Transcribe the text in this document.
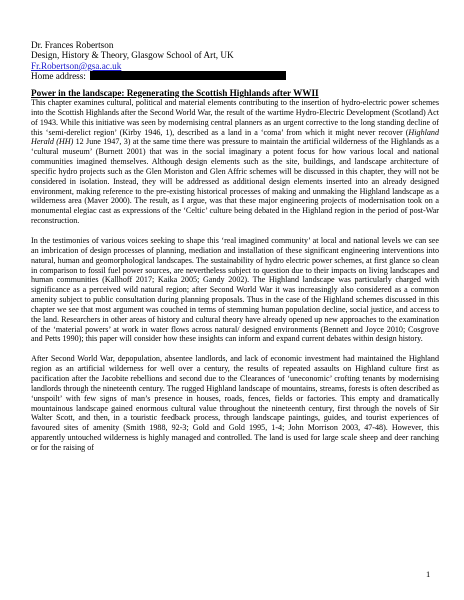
Dr. Frances Robertson
Design, History & Theory, Glasgow School of Art, UK
Fr.Robertson@gsa.ac.uk
Home address:
Power in the landscape: Regenerating the Scottish Highlands after WWII
This chapter examines cultural, political and material elements contributing to the insertion of hydro-electric power schemes into the Scottish Highlands after the Second World War, the result of the wartime Hydro-Electric Development (Scotland) Act of 1943. While this initiative was seen by modernising central planners as an urgent corrective to the long standing decline of this ‘semi-derelict region’ (Kirby 1946, 1), described as a land in a ‘coma’ from which it might never recover (Highland Herald (HH) 12 June 1947, 3) at the same time there was pressure to maintain the artificial wilderness of the Highlands as a ‘cultural museum’ (Burnett 2001) that was in the social imaginary a potent focus for how various local and national communities imagined themselves. Although design elements such as the site, buildings, and landscape architecture of specific hydro projects such as the Glen Moriston and Glen Affric schemes will be discussed in this chapter, they will not be considered in isolation. Instead, they will be addressed as additional design elements inserted into an already designed environment, making reference to the pre-existing historical processes of making and unmaking the Highland landscape as a wilderness area (Maver 2000). The result, as I argue, was that these major engineering projects of modernisation took on a monumental elegiac cast as expressions of the ‘Celtic’ culture being debated in the Highland region in the period of post-War reconstruction.
In the testimonies of various voices seeking to shape this ‘real imagined community’ at local and national levels we can see an imbrication of design processes of planning, mediation and installation of these significant engineering interventions into natural, human and geomorphological landscapes. The sustainability of hydro electric power schemes, at first glance so clean in comparison to fossil fuel power sources, are nevertheless subject to question due to their impacts on living landscapes and human communities (Kallhoff 2017; Kaika 2005; Gandy 2002). The Highland landscape was particularly charged with significance as a perceived wild natural region; after Second World War it was increasingly also considered as a common amenity subject to public consultation during planning proposals. Thus in the case of the Highland schemes discussed in this chapter we see that most argument was couched in terms of stemming human population decline, social justice, and access to the land. Researchers in other areas of history and cultural theory have already opened up new approaches to the examination of the ‘material powers’ at work in water flows across natural/ designed environments (Bennett and Joyce 2010; Cosgrove and Petts 1990); this paper will consider how these insights can inform and expand current debates within design history.
After Second World War, depopulation, absentee landlords, and lack of economic investment had maintained the Highland region as an artificial wilderness for well over a century, the results of repeated assaults on Highland culture first as pacification after the Jacobite rebellions and second due to the Clearances of ‘uneconomic’ crofting tenants by modernising landlords through the nineteenth century. The rugged Highland landscape of mountains, streams, forests is often described as ‘unspoilt’ with few signs of man’s presence in houses, roads, fences, fields or factories. This empty and dramatically mountainous landscape gained enormous cultural value throughout the nineteenth century, first through the novels of Sir Walter Scott, and then, in a touristic feedback process, through landscape paintings, guides, and tourist experiences of favoured sites of amenity (Smith 1988, 92-3; Gold and Gold 1995, 1-4; John Morrison 2003, 47-48). However, this apparently untouched wilderness is highly managed and controlled. The land is used for large scale sheep and deer ranching or for the raising of
1
